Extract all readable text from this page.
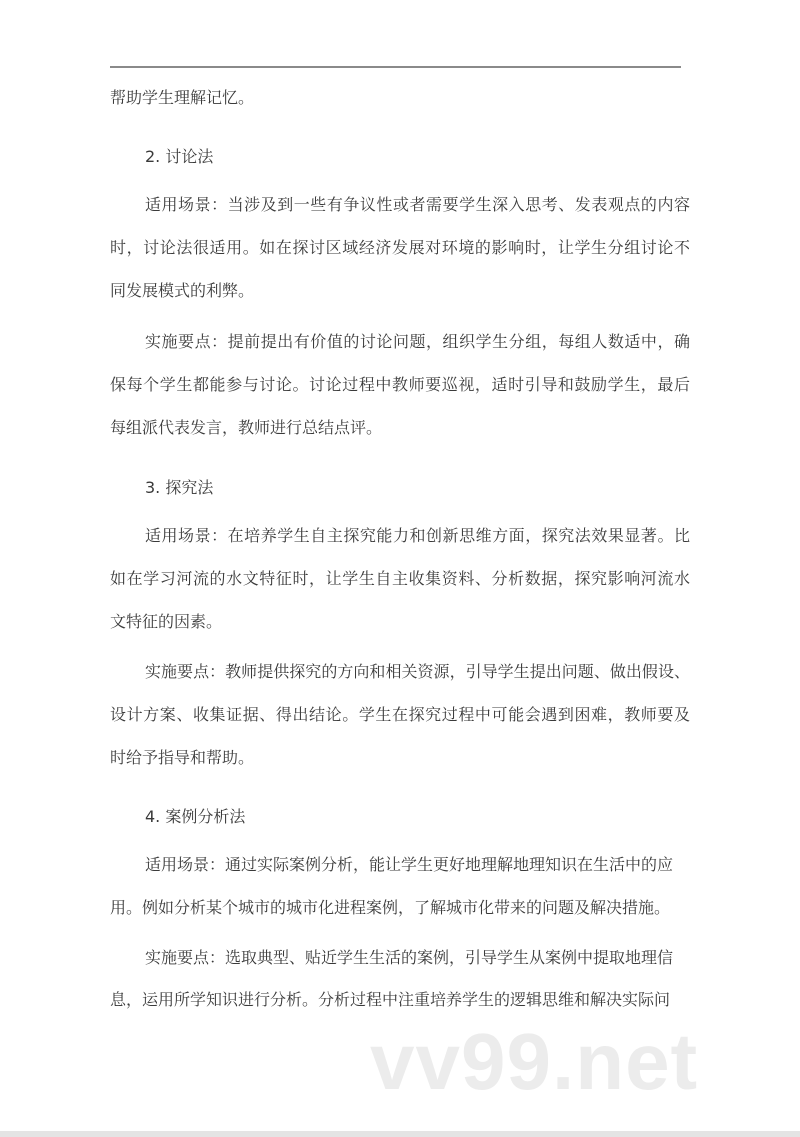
帮助学生理解记忆。
2. 讨论法
适用场景：当涉及到一些有争议性或者需要学生深入思考、发表观点的内容
时，讨论法很适用。如在探讨区域经济发展对环境的影响时，让学生分组讨论不
同发展模式的利弊。
实施要点：提前提出有价值的讨论问题，组织学生分组，每组人数适中，确
保每个学生都能参与讨论。讨论过程中教师要巡视，适时引导和鼓励学生，最后
每组派代表发言，教师进行总结点评。
3. 探究法
适用场景：在培养学生自主探究能力和创新思维方面，探究法效果显著。比
如在学习河流的水文特征时，让学生自主收集资料、分析数据，探究影响河流水
文特征的因素。
实施要点：教师提供探究的方向和相关资源，引导学生提出问题、做出假设、
设计方案、收集证据、得出结论。学生在探究过程中可能会遇到困难，教师要及
时给予指导和帮助。
4. 案例分析法
适用场景：通过实际案例分析，能让学生更好地理解地理知识在生活中的应
用。例如分析某个城市的城市化进程案例，了解城市化带来的问题及解决措施。
实施要点：选取典型、贴近学生生活的案例，引导学生从案例中提取地理信
息，运用所学知识进行分析。分析过程中注重培养学生的逻辑思维和解决实际问
vv99.net
